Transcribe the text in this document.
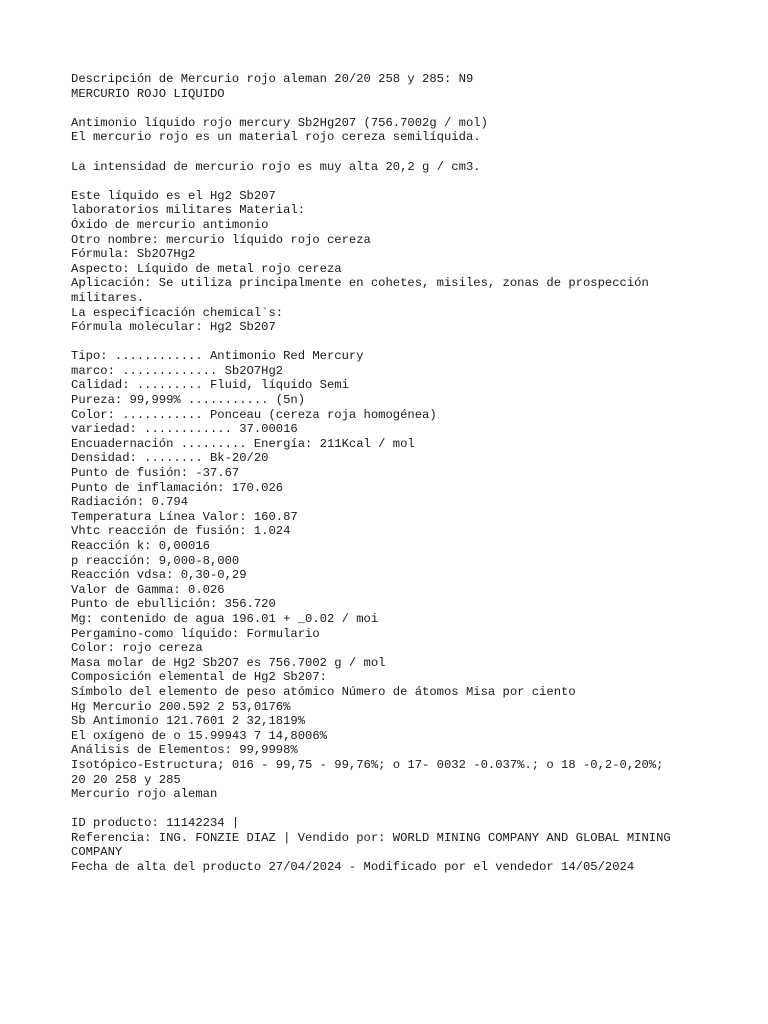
Descripción de Mercurio rojo aleman 20/20 258 y 285: N9
MERCURIO ROJO LIQUIDO
Antimonio líquido rojo mercury Sb2Hg207 (756.7002g / mol)
El mercurio rojo es un material rojo cereza semilíquida.
La intensidad de mercurio rojo es muy alta 20,2 g / cm3.
Este líquido es el Hg2 Sb207
laboratorios militares Material:
Óxido de mercurio antimonio
Otro nombre: mercurio líquido rojo cereza
Fórmula: Sb2O7Hg2
Aspecto: Líquido de metal rojo cereza
Aplicación: Se utiliza principalmente en cohetes, misiles, zonas de prospección
militares.
La especificación chemical`s:
Fórmula molecular: Hg2 Sb207
Tipo: ............ Antimonio Red Mercury
marco: ............. Sb2O7Hg2
Calidad: ......... Fluid, líquido Semi
Pureza: 99,999% ........... (5n)
Color: ........... Ponceau (cereza roja homogénea)
variedad: ............ 37.00016
Encuadernación ......... Energía: 211Kcal / mol
Densidad: ........ Bk-20/20
Punto de fusión: -37.67
Punto de inflamación: 170.026
Radiación: 0.794
Temperatura Línea Valor: 160.87
Vhtc reacción de fusión: 1.024
Reacción k: 0,00016
p reacción: 9,000-8,000
Reacción vdsa: 0,30-0,29
Valor de Gamma: 0.026
Punto de ebullición: 356.720
Mg: contenido de agua 196.01 + _0.02 / moi
Pergamino-como líquido: Formulario
Color: rojo cereza
Masa molar de Hg2 Sb2O7 es 756.7002 g / mol
Composición elemental de Hg2 Sb207:
Símbolo del elemento de peso atómico Número de átomos Misa por ciento
Hg Mercurio 200.592 2 53,0176%
Sb Antimonio 121.7601 2 32,1819%
El oxígeno de o 15.99943 7 14,8006%
Análisis de Elementos: 99,9998%
Isotópico-Estructura; 016 - 99,75 - 99,76%; o 17- 0032 -0.037%.; o 18 -0,2-0,20%;
20 20 258 y 285
Mercurio rojo aleman
ID producto: 11142234 |
Referencia: ING. FONZIE DIAZ | Vendido por: WORLD MINING COMPANY AND GLOBAL MINING
COMPANY
Fecha de alta del producto 27/04/2024 - Modificado por el vendedor 14/05/2024
